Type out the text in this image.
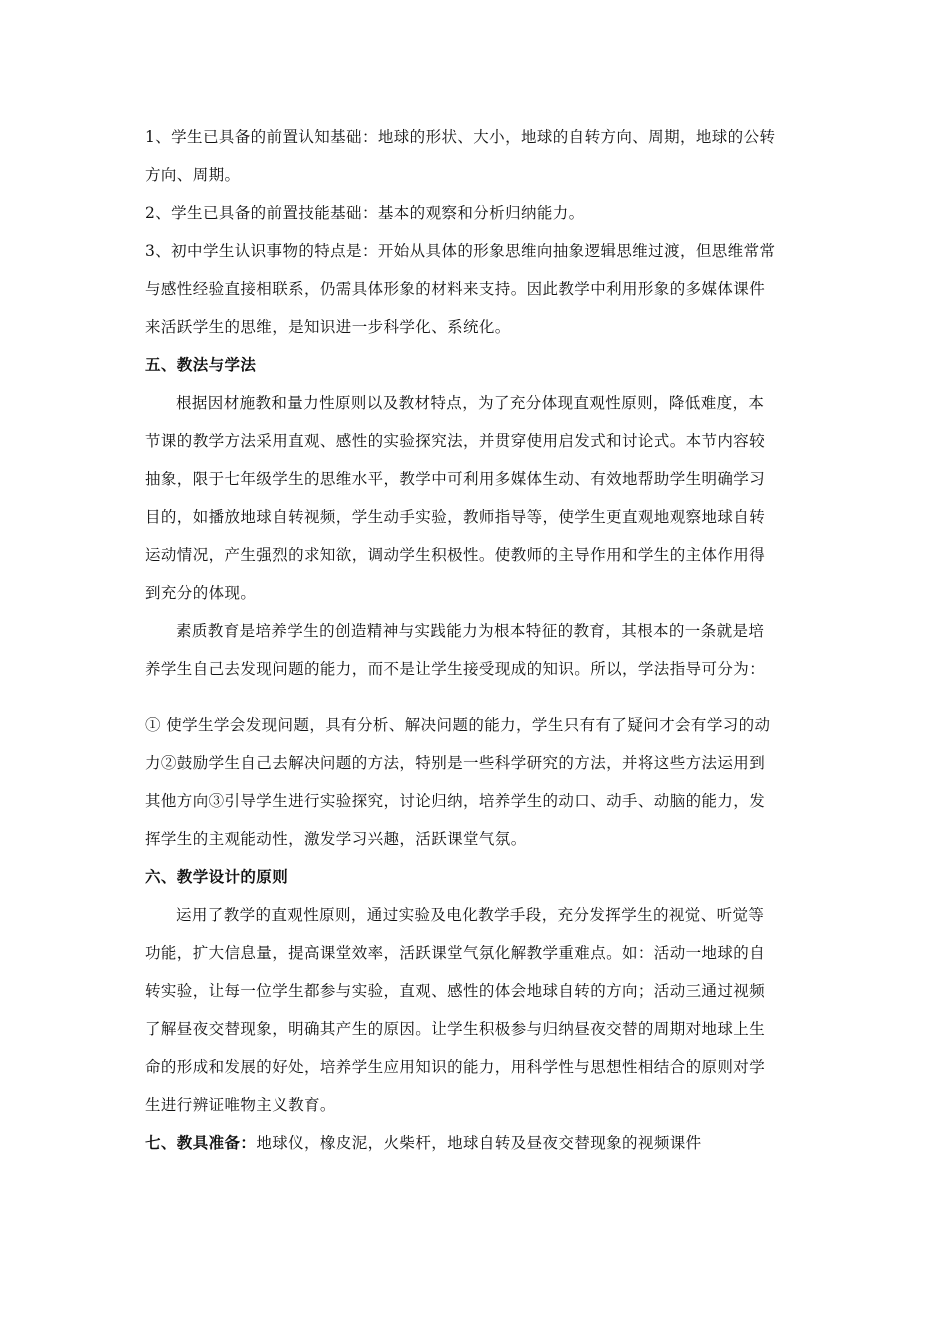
1、学生已具备的前置认知基础：地球的形状、大小，地球的自转方向、周期，地球的公转
方向、周期。
2、学生已具备的前置技能基础：基本的观察和分析归纳能力。
3、初中学生认识事物的特点是：开始从具体的形象思维向抽象逻辑思维过渡，但思维常常
与感性经验直接相联系，仍需具体形象的材料来支持。因此教学中利用形象的多媒体课件
来活跃学生的思维，是知识进一步科学化、系统化。
五、教法与学法
根据因材施教和量力性原则以及教材特点，为了充分体现直观性原则，降低难度，本
节课的教学方法采用直观、感性的实验探究法，并贯穿使用启发式和讨论式。本节内容较
抽象，限于七年级学生的思维水平，教学中可利用多媒体生动、有效地帮助学生明确学习
目的，如播放地球自转视频，学生动手实验，教师指导等，使学生更直观地观察地球自转
运动情况，产生强烈的求知欲，调动学生积极性。使教师的主导作用和学生的主体作用得
到充分的体现。
素质教育是培养学生的创造精神与实践能力为根本特征的教育，其根本的一条就是培
养学生自己去发现问题的能力，而不是让学生接受现成的知识。所以，学法指导可分为：
① 使学生学会发现问题，具有分析、解决问题的能力，学生只有有了疑问才会有学习的动
力②鼓励学生自己去解决问题的方法，特别是一些科学研究的方法，并将这些方法运用到
其他方向③引导学生进行实验探究，讨论归纳，培养学生的动口、动手、动脑的能力，发
挥学生的主观能动性，激发学习兴趣，活跃课堂气氛。
六、教学设计的原则
运用了教学的直观性原则，通过实验及电化教学手段，充分发挥学生的视觉、听觉等
功能，扩大信息量，提高课堂效率，活跃课堂气氛化解教学重难点。如：活动一地球的自
转实验，让每一位学生都参与实验，直观、感性的体会地球自转的方向；活动三通过视频
了解昼夜交替现象，明确其产生的原因。让学生积极参与归纳昼夜交替的周期对地球上生
命的形成和发展的好处，培养学生应用知识的能力，用科学性与思想性相结合的原则对学
生进行辨证唯物主义教育。
七、教具准备：地球仪，橡皮泥，火柴杆，地球自转及昼夜交替现象的视频课件
